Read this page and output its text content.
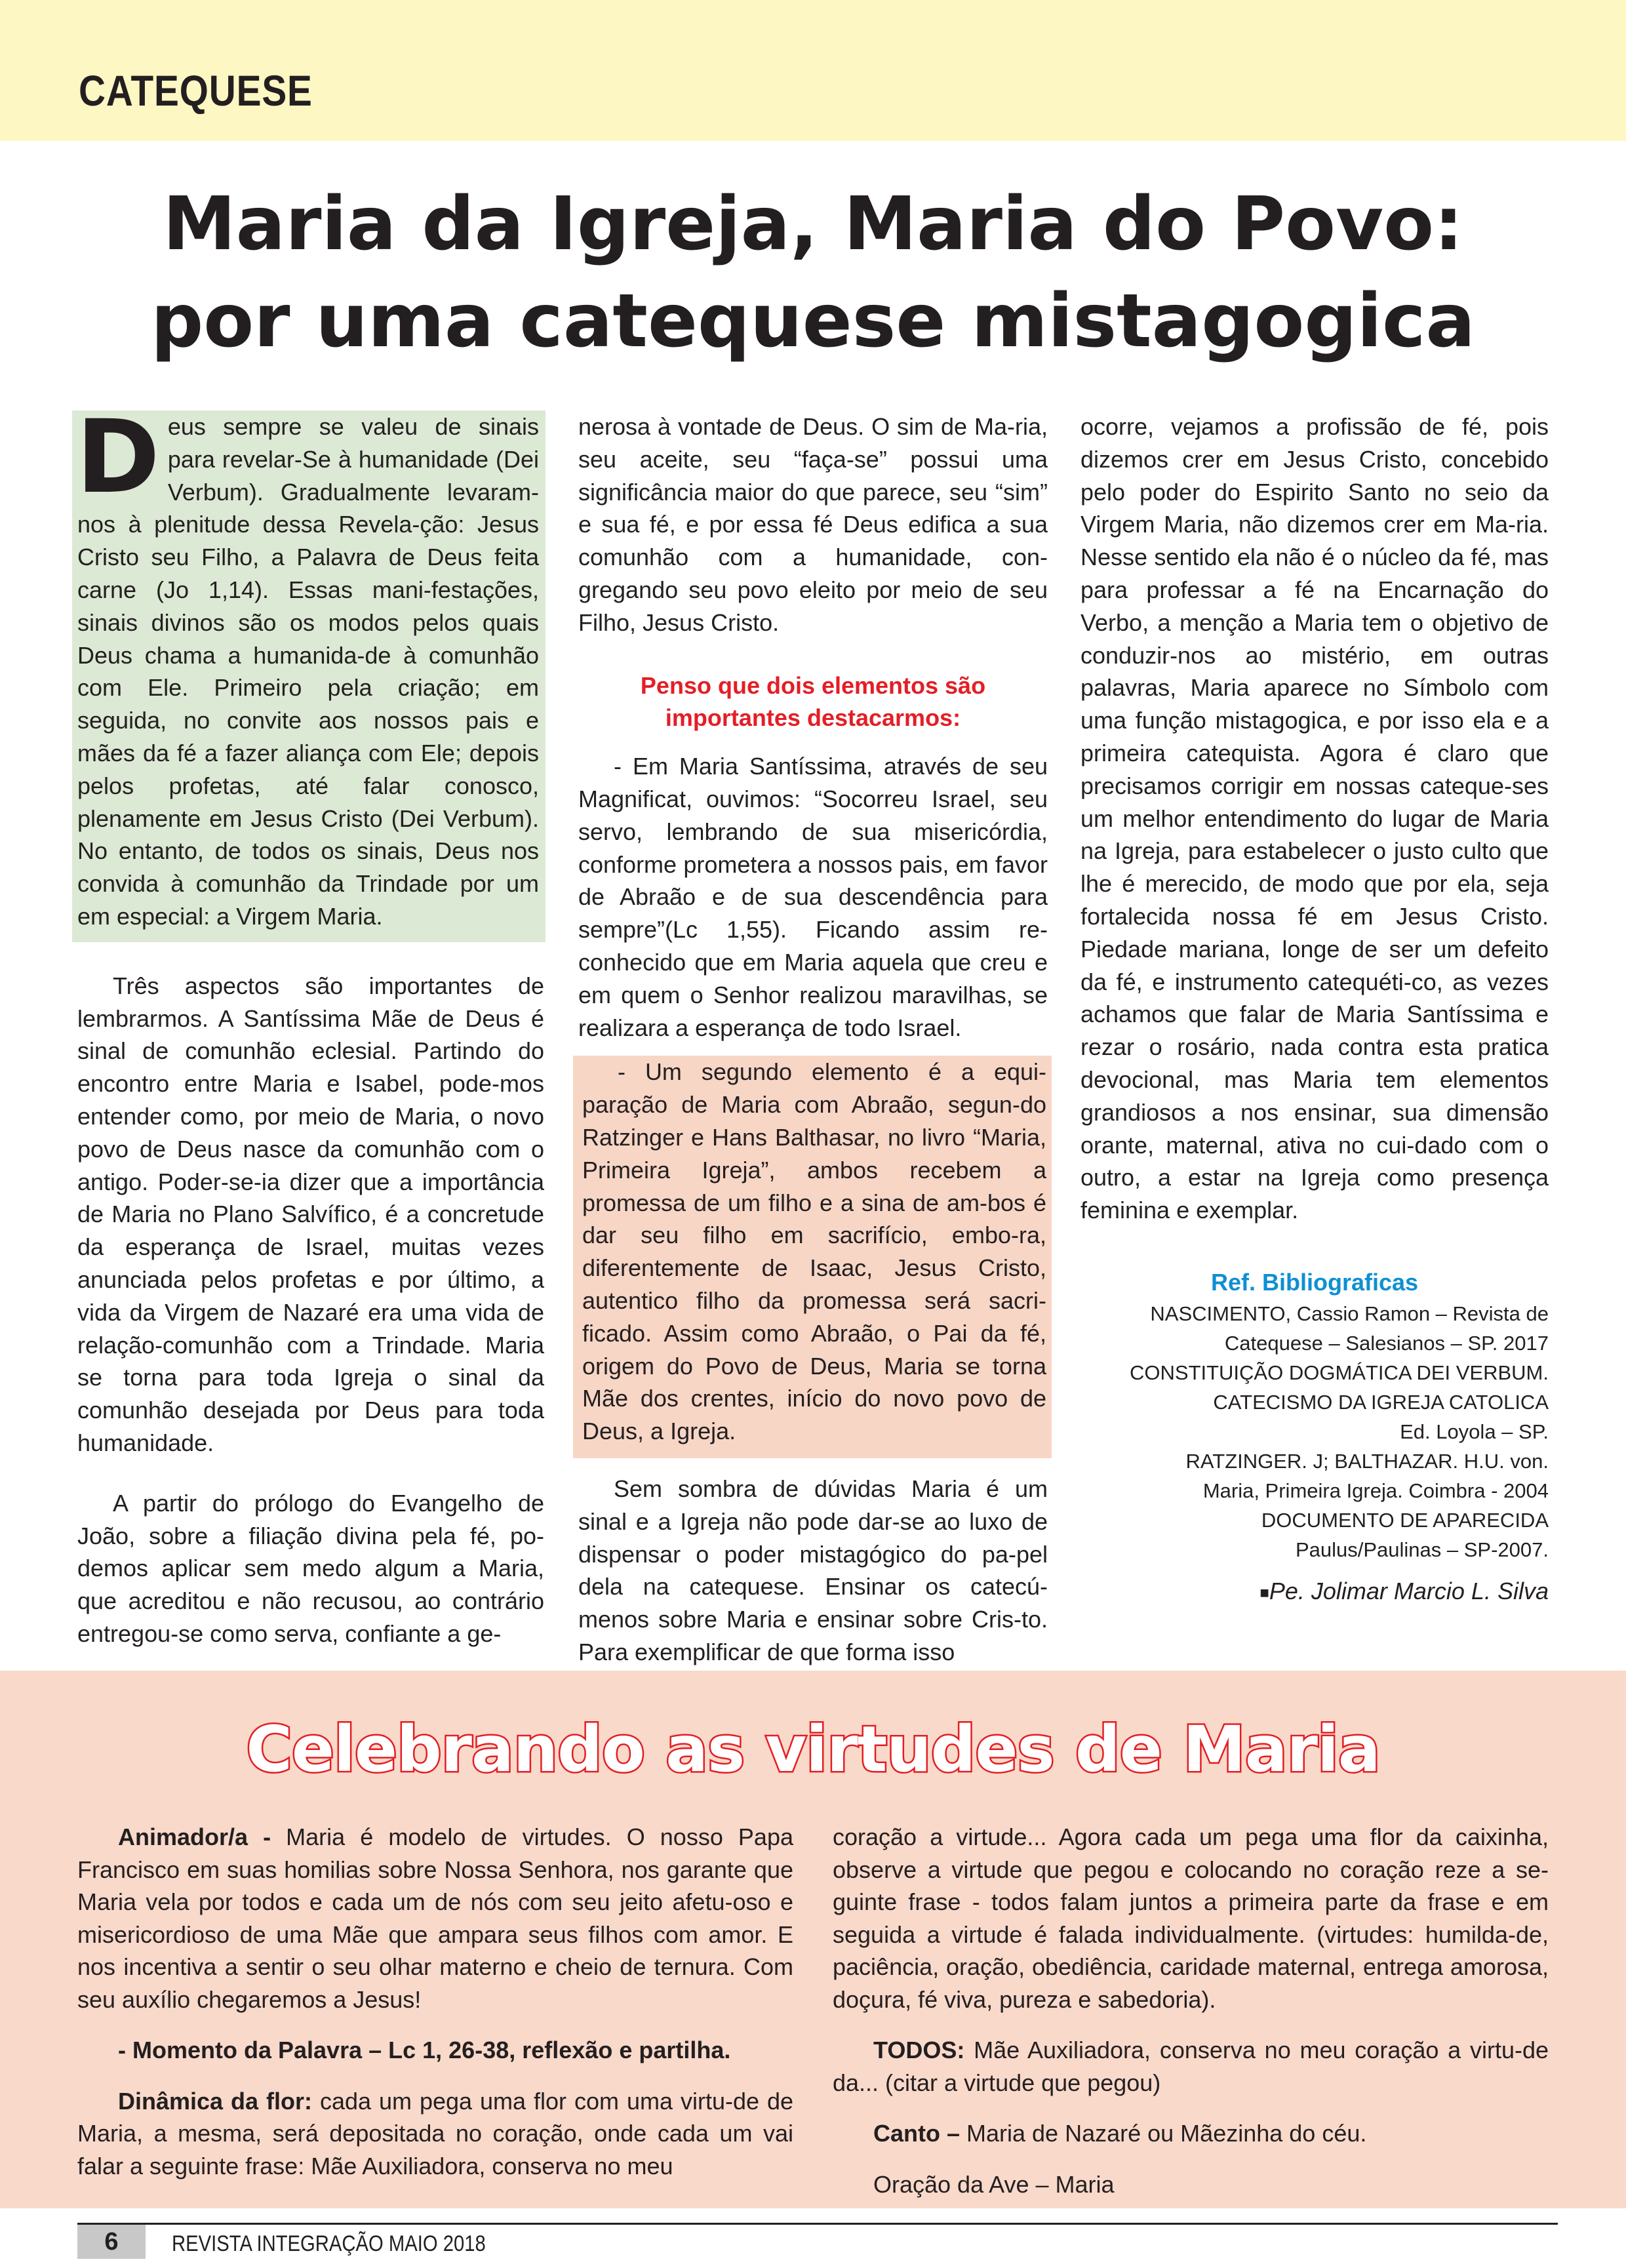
CATEQUESE
Maria da Igreja, Maria do Povo:
por uma catequese mistagogica

Deus sempre se valeu de sinais para revelar-Se à humanidade (Dei Verbum). Gradualmente levaram-nos à plenitude dessa Revela-ção: Jesus Cristo seu Filho, a Palavra de Deus feita carne (Jo 1,14). Essas mani-festações, sinais divinos são os modos pelos quais Deus chama a humanida-de à comunhão com Ele. Primeiro pela criação; em seguida, no convite aos nossos pais e mães da fé a fazer aliança com Ele; depois pelos profetas, até falar conosco, plenamente em Jesus Cristo (Dei Verbum). No entanto, de todos os sinais, Deus nos convida à comunhão da Trindade por um em especial: a Virgem Maria.

Três aspectos são importantes de lembrarmos. A Santíssima Mãe de Deus é sinal de comunhão eclesial. Partindo do encontro entre Maria e Isabel, pode-mos entender como, por meio de Maria, o novo povo de Deus nasce da comunhão com o antigo. Poder-se-ia dizer que a importância de Maria no Plano Salvífico, é a concretude da esperança de Israel, muitas vezes anunciada pelos profetas e por último, a vida da Virgem de Nazaré era uma vida de relação-comunhão com a Trindade. Maria se torna para toda Igreja o sinal da comunhão desejada por Deus para toda humanidade.

A partir do prólogo do Evangelho de João, sobre a filiação divina pela fé, po-demos aplicar sem medo algum a Maria, que acreditou e não recusou, ao contrário entregou-se como serva, confiante a ge-

nerosa à vontade de Deus. O sim de Ma-ria, seu aceite, seu “faça-se” possui uma significância maior do que parece, seu “sim” e sua fé, e por essa fé Deus edifica a sua comunhão com a humanidade, con-gregando seu povo eleito por meio de seu Filho, Jesus Cristo.

Penso que dois elementos são importantes destacarmos:

- Em Maria Santíssima, através de seu Magnificat, ouvimos: “Socorreu Israel, seu servo, lembrando de sua misericórdia, conforme prometera a nossos pais, em favor de Abraão e de sua descendência para sempre”(Lc 1,55). Ficando assim re-conhecido que em Maria aquela que creu e em quem o Senhor realizou maravilhas, se realizara a esperança de todo Israel.

- Um segundo elemento é a equi-paração de Maria com Abraão, segun-do Ratzinger e Hans Balthasar, no livro “Maria, Primeira Igreja”, ambos recebem a promessa de um filho e a sina de am-bos é dar seu filho em sacrifício, embo-ra, diferentemente de Isaac, Jesus Cristo, autentico filho da promessa será sacri-ficado. Assim como Abraão, o Pai da fé, origem do Povo de Deus, Maria se torna Mãe dos crentes, início do novo povo de Deus, a Igreja.

Sem sombra de dúvidas Maria é um sinal e a Igreja não pode dar-se ao luxo de dispensar o poder mistagógico do pa-pel dela na catequese. Ensinar os catecú-menos sobre Maria e ensinar sobre Cris-to. Para exemplificar de que forma isso

ocorre, vejamos a profissão de fé, pois dizemos crer em Jesus Cristo, concebido pelo poder do Espirito Santo no seio da Virgem Maria, não dizemos crer em Ma-ria. Nesse sentido ela não é o núcleo da fé, mas para professar a fé na Encarnação do Verbo, a menção a Maria tem o objetivo de conduzir-nos ao mistério, em outras palavras, Maria aparece no Símbolo com uma função mistagogica, e por isso ela e a primeira catequista. Agora é claro que precisamos corrigir em nossas cateque-ses um melhor entendimento do lugar de Maria na Igreja, para estabelecer o justo culto que lhe é merecido, de modo que por ela, seja fortalecida nossa fé em Jesus Cristo. Piedade mariana, longe de ser um defeito da fé, e instrumento catequéti-co, as vezes achamos que falar de Maria Santíssima e rezar o rosário, nada contra esta pratica devocional, mas Maria tem elementos grandiosos a nos ensinar, sua dimensão orante, maternal, ativa no cui-dado com o outro, a estar na Igreja como presença feminina e exemplar.

Ref. Bibliograficas

NASCIMENTO, Cassio Ramon – Revista de

Catequese – Salesianos – SP. 2017

CONSTITUIÇÃO DOGMÁTICA DEI VERBUM.

CATECISMO DA IGREJA CATOLICA

Ed. Loyola – SP.

RATZINGER. J; BALTHAZAR. H.U. von.

Maria, Primeira Igreja. Coimbra - 2004

DOCUMENTO DE APARECIDA

Paulus/Paulinas – SP-2007.

■Pe. Jolimar Marcio L. Silva

Celebrando as virtudes de Maria

Animador/a - Maria é modelo de virtudes. O nosso Papa Francisco em suas homilias sobre Nossa Senhora, nos garante que Maria vela por todos e cada um de nós com seu jeito afetu-oso e misericordioso de uma Mãe que ampara seus filhos com amor. E nos incentiva a sentir o seu olhar materno e cheio de ternura. Com seu auxílio chegaremos a Jesus!

- Momento da Palavra – Lc 1, 26-38, reflexão e partilha.

Dinâmica da flor: cada um pega uma flor com uma virtu-de de Maria, a mesma, será depositada no coração, onde cada um vai falar a seguinte frase: Mãe Auxiliadora, conserva no meu

coração a virtude... Agora cada um pega uma flor da caixinha, observe a virtude que pegou e colocando no coração reze a se-guinte frase - todos falam juntos a primeira parte da frase e em seguida a virtude é falada individualmente. (virtudes: humilda-de, paciência, oração, obediência, caridade maternal, entrega amorosa, doçura, fé viva, pureza e sabedoria).

TODOS: Mãe Auxiliadora, conserva no meu coração a virtu-de da... (citar a virtude que pegou)

Canto – Maria de Nazaré ou Mãezinha do céu.

Oração da Ave – Maria

6	REVISTA INTEGRAÇÃO MAIO 2018
